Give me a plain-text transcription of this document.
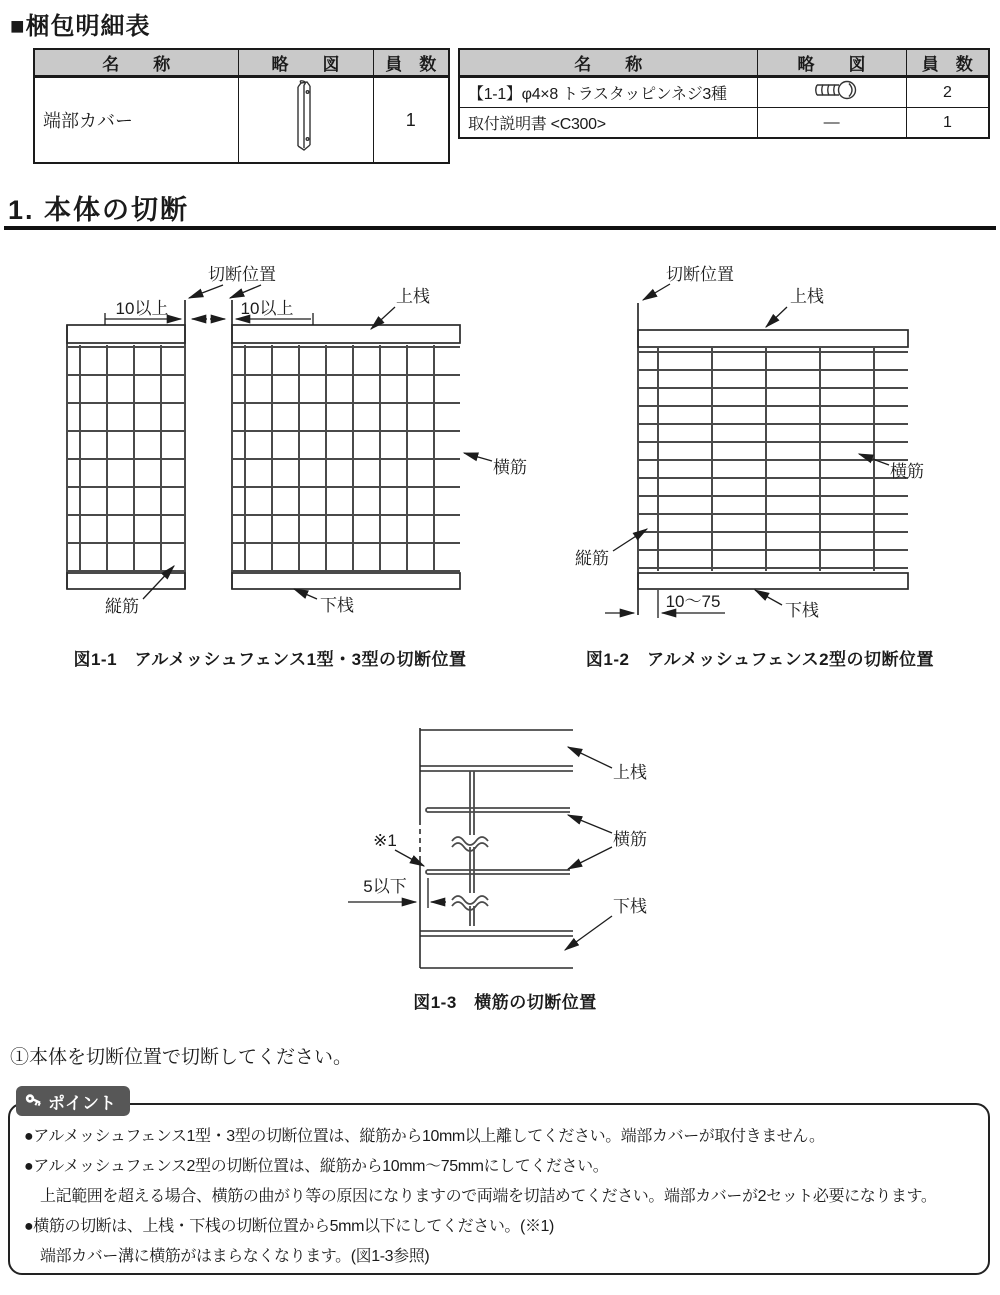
■梱包明細表
名　　称	略　　図	員　数
端部カバー		1
名　　称	略　　図	員　数
【1-1】φ4×8 トラスタッピンネジ3種		2
取付説明書 <C300>	—	1
1. 本体の切断
切断位置
10以上	10以上
上桟
横筋
縦筋	下桟
図1-1　アルメッシュフェンス1型・3型の切断位置
切断位置
上桟
縦筋
横筋
10～75	下桟
図1-2　アルメッシュフェンス2型の切断位置
※1
5以下
上桟
横筋
下桟
図1-3　横筋の切断位置
①本体を切断位置で切断してください。
ポイント
●アルメッシュフェンス1型・3型の切断位置は、縦筋から10mm以上離してください。端部カバーが取付きません。
●アルメッシュフェンス2型の切断位置は、縦筋から10mm～75mmにしてください。
上記範囲を超える場合、横筋の曲がり等の原因になりますので両端を切詰めてください。端部カバーが2セット必要になります。
●横筋の切断は、上桟・下桟の切断位置から5mm以下にしてください。(※1)
端部カバー溝に横筋がはまらなくなります。(図1-3参照)
